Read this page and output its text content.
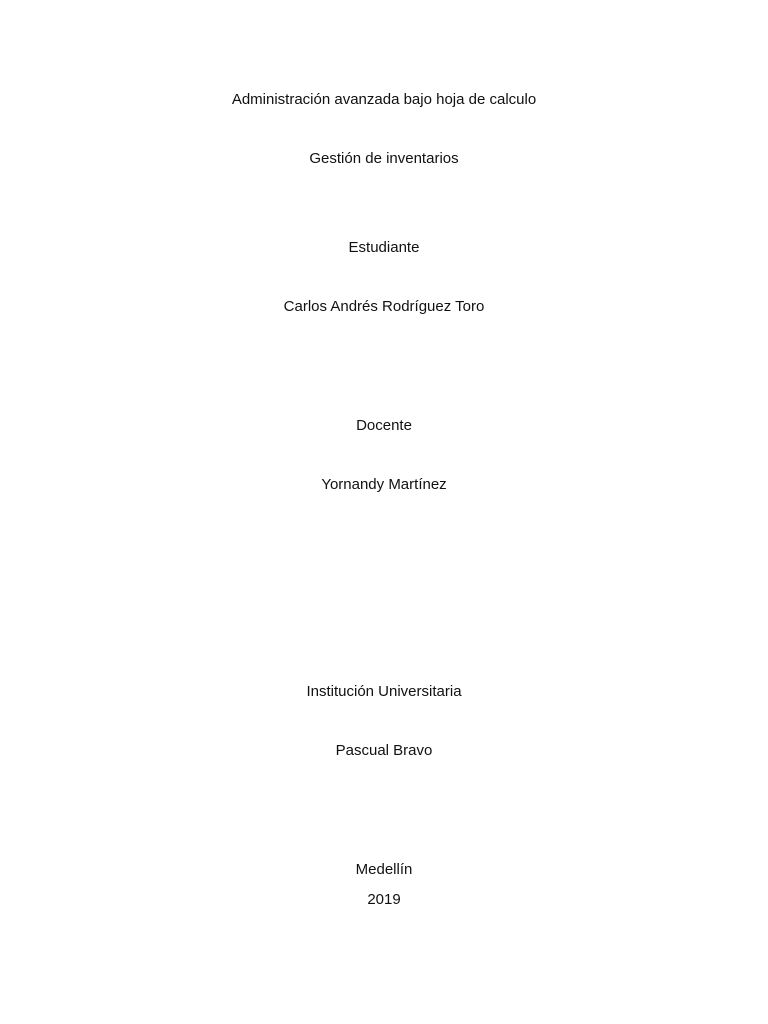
Administración avanzada bajo hoja de calculo
Gestión de inventarios
Estudiante
Carlos Andrés Rodríguez Toro
Docente
Yornandy Martínez
Institución Universitaria
Pascual Bravo
Medellín
2019
